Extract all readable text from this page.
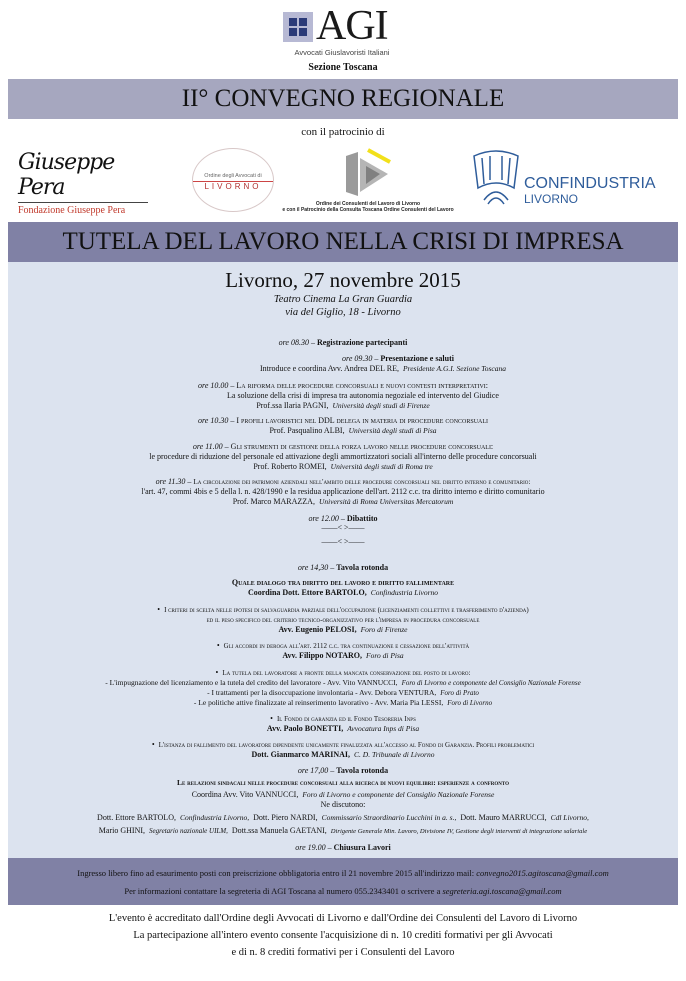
AGI
Avvocati Giuslavoristi Italiani
Sezione Toscana
II° CONVEGNO REGIONALE
con il patrocinio di
Giuseppe Pera
Fondazione Giuseppe Pera
Ordine degli Avvocati di
LIVORNO
Ordine dei Consulenti del Lavoro di Livorno
e con il Patrocinio della Consulta Toscana Ordine Consulenti del Lavoro
CONFINDUSTRIA
LIVORNO
TUTELA DEL LAVORO NELLA CRISI DI IMPRESA
Livorno, 27 novembre 2015
Teatro Cinema La Gran Guardia
via del Giglio, 18 - Livorno
ore 08.30 – Registrazione partecipanti
ore 09.30 – Presentazione e saluti
Introduce e coordina Avv. Andrea DEL RE, Presidente A.G.I. Sezione Toscana
ore 10.00 – La riforma delle procedure concorsuali e nuovi contesti interpretativi:
La soluzione della crisi di impresa tra autonomia negoziale ed intervento del Giudice
Prof.ssa Ilaria PAGNI, Università degli studi di Firenze
ore 10.30 – I profili lavoristici nel DDL delega in materia di procedure concorsuali
Prof. Pasqualino ALBI, Università degli studi di Pisa
ore 11.00 – Gli strumenti di gestione della forza lavoro nelle procedure concorsuali:
le procedure di riduzione del personale ed attivazione degli ammortizzatori sociali all'interno delle procedure concorsuali
Prof. Roberto ROMEI, Università degli studi di Roma tre
ore 11.30 – La circolazione dei patrimoni aziendali nell'ambito delle procedure concorsuali nel diritto interno e comunitario:
l'art. 47, commi 4bis e 5 della l. n. 428/1990 e la residua applicazione dell'art. 2112 c.c. tra diritto interno e diritto comunitario
Prof. Marco MARAZZA, Università di Roma Universitas Mercatorum
ore 12.00 – Dibattito
——< >——
——< >——
ore 14,30 – Tavola rotonda
Quale dialogo tra diritto del lavoro e diritto fallimentare
Coordina Dott. Ettore BARTOLO, Confindustria Livorno
• I criteri di scelta nelle ipotesi di salvaguardia parziale dell'occupazione (licenziamenti collettivi e trasferimento d'azienda)
ed il peso specifico del criterio tecnico-organizzativo per l'impresa in procedura concorsuale
Avv. Eugenio PELOSI, Foro di Firenze
• Gli accordi in deroga all'art. 2112 c.c. tra continuazione e cessazione dell'attività
Avv. Filippo NOTARO, Foro di Pisa
• La tutela del lavoratore a fronte della mancata conservazione del posto di lavoro:
- L'impugnazione del licenziamento e la tutela del credito del lavoratore - Avv. Vito VANNUCCI, Foro di Livorno e componente del Consiglio Nazionale Forense
- I trattamenti per la disoccupazione involontaria - Avv. Debora VENTURA, Foro di Prato
- Le politiche attive finalizzate al reinserimento lavorativo - Avv. Maria Pia LESSI, Foro di Livorno
• Il Fondo di garanzia ed il Fondo Tesoreria Inps
Avv. Paolo BONETTI, Avvocatura Inps di Pisa
• L'istanza di fallimento del lavoratore dipendente unicamente finalizzata all'accesso al Fondo di Garanzia. Profili problematici
Dott. Gianmarco MARINAI, C. D. Tribunale di Livorno
ore 17,00 – Tavola rotonda
Le relazioni sindacali nelle procedure concorsuali alla ricerca di nuovi equilibri: esperienze a confronto
Coordina Avv. Vito VANNUCCI, Foro di Livorno e componente del Consiglio Nazionale Forense
Ne discutono:
Dott. Ettore BARTOLO, Confindustria Livorno, Dott. Piero NARDI, Commissario Straordinario Lucchini in a. s., Dott. Mauro MARRUCCI, Cdl Livorno,
Mario GHINI, Segretario nazionale UILM, Dott.ssa Manuela GAETANI, Dirigente Generale Min. Lavoro, Divisione IV, Gestione degli interventi di integrazione salariale
ore 19.00 – Chiusura Lavori
Ingresso libero fino ad esaurimento posti con preiscrizione obbligatoria entro il 21 novembre 2015 all'indirizzo mail: convegno2015.agitoscana@gmail.com
Per informazioni contattare la segreteria di AGI Toscana al numero 055.2343401 o scrivere a segreteria.agi.toscana@gmail.com
L'evento è accreditato dall'Ordine degli Avvocati di Livorno e dall'Ordine dei Consulenti del Lavoro di Livorno
La partecipazione all'intero evento consente l'acquisizione di n. 10 crediti formativi per gli Avvocati
e di n. 8 crediti formativi per i Consulenti del Lavoro
